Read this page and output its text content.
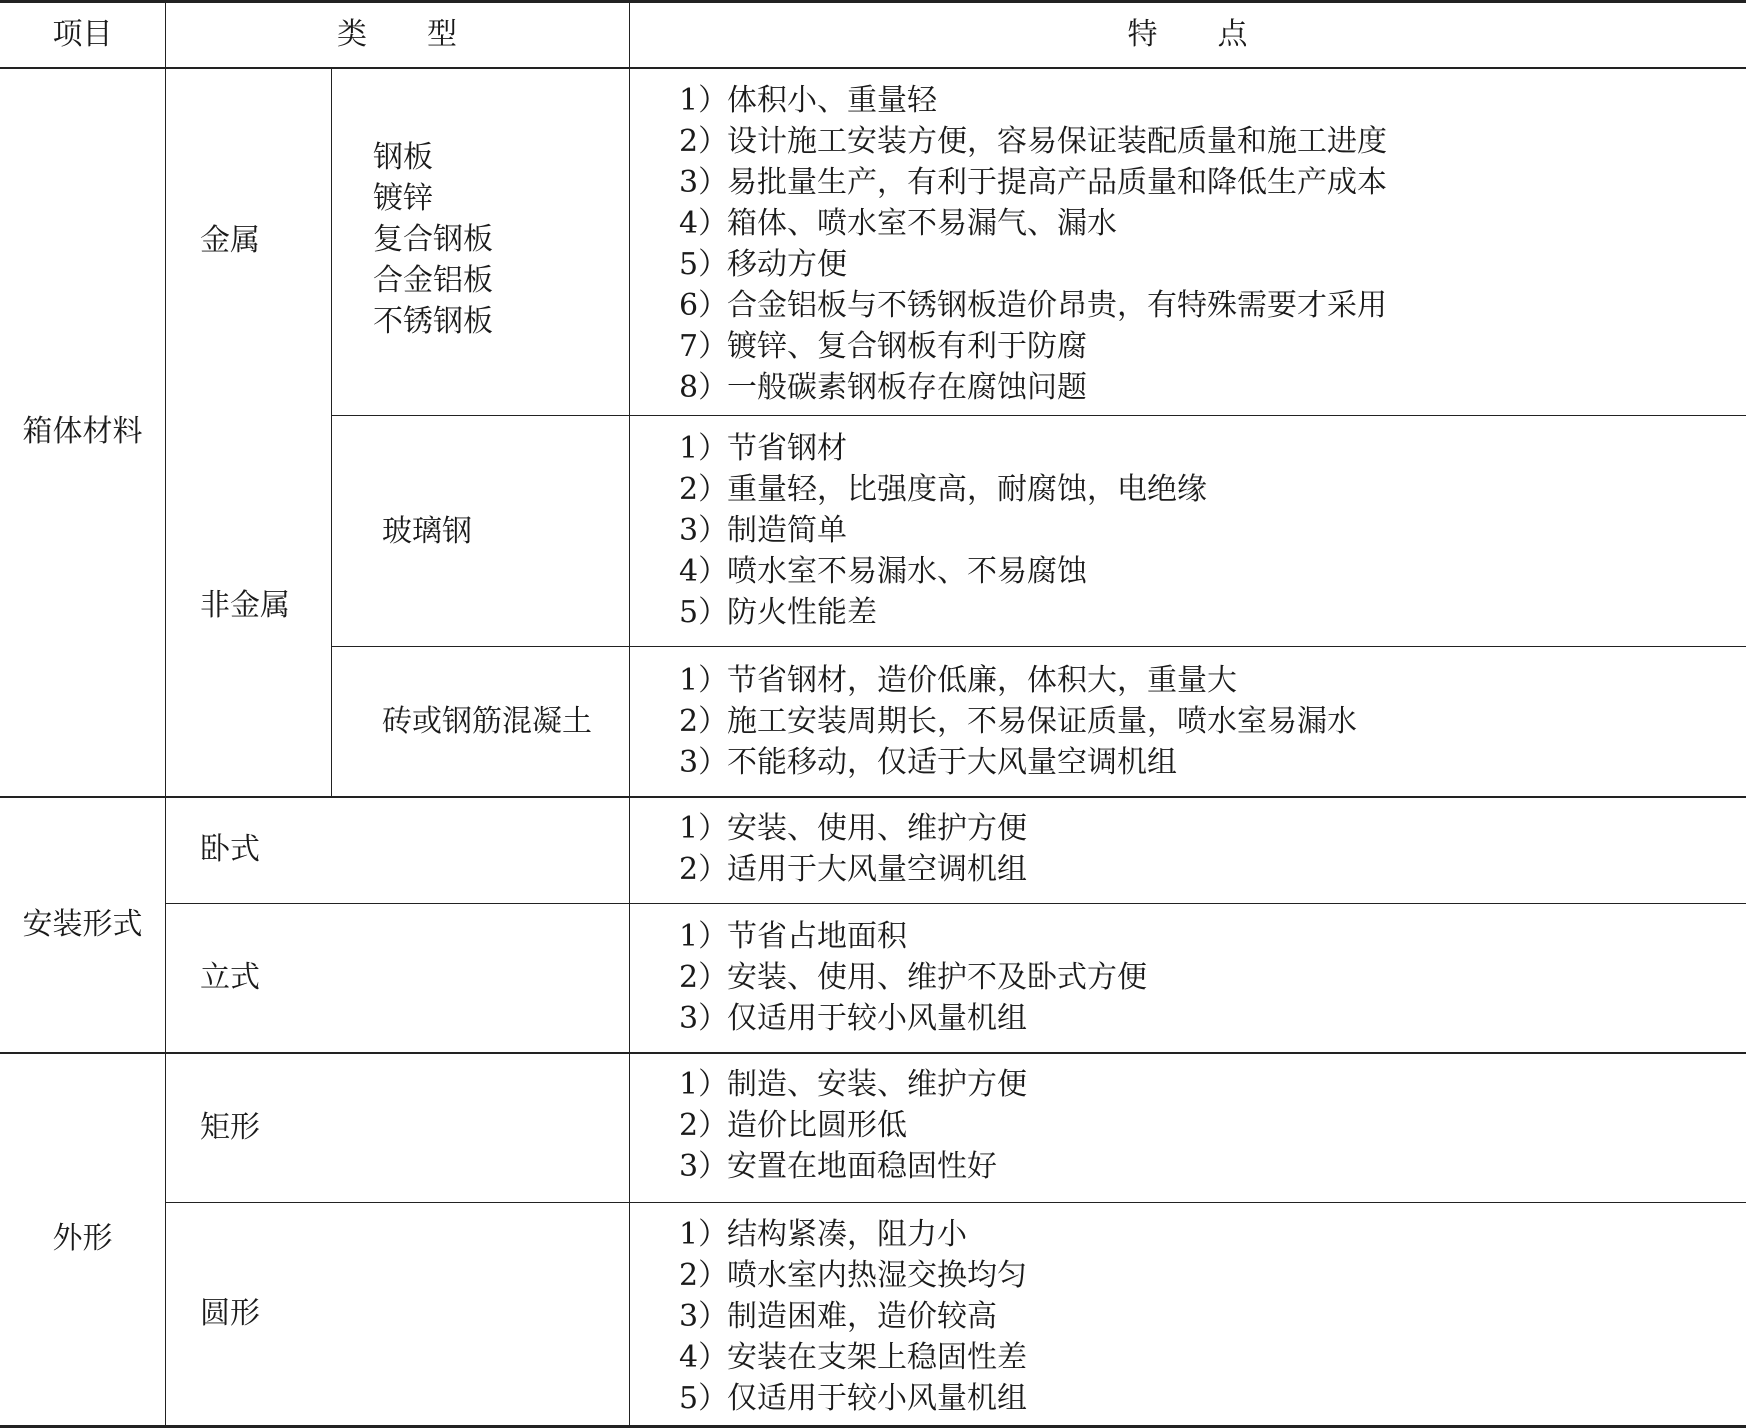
项目	类　　型	特　　点
箱体材料
金属
非金属
钢板
镀锌
复合钢板
合金铝板
不锈钢板
玻璃钢
砖或钢筋混凝土
1）体积小、重量轻
2）设计施工安装方便，容易保证装配质量和施工进度
3）易批量生产，有利于提高产品质量和降低生产成本
4）箱体、喷水室不易漏气、漏水
5）移动方便
6）合金铝板与不锈钢板造价昂贵，有特殊需要才采用
7）镀锌、复合钢板有利于防腐
8）一般碳素钢板存在腐蚀问题
1）节省钢材
2）重量轻，比强度高，耐腐蚀，电绝缘
3）制造简单
4）喷水室不易漏水、不易腐蚀
5）防火性能差
1）节省钢材，造价低廉，体积大，重量大
2）施工安装周期长，不易保证质量，喷水室易漏水
3）不能移动，仅适于大风量空调机组
安装形式
卧式
立式
1）安装、使用、维护方便
2）适用于大风量空调机组
1）节省占地面积
2）安装、使用、维护不及卧式方便
3）仅适用于较小风量机组
外形
矩形
圆形
1）制造、安装、维护方便
2）造价比圆形低
3）安置在地面稳固性好
1）结构紧凑，阻力小
2）喷水室内热湿交换均匀
3）制造困难，造价较高
4）安装在支架上稳固性差
5）仅适用于较小风量机组
